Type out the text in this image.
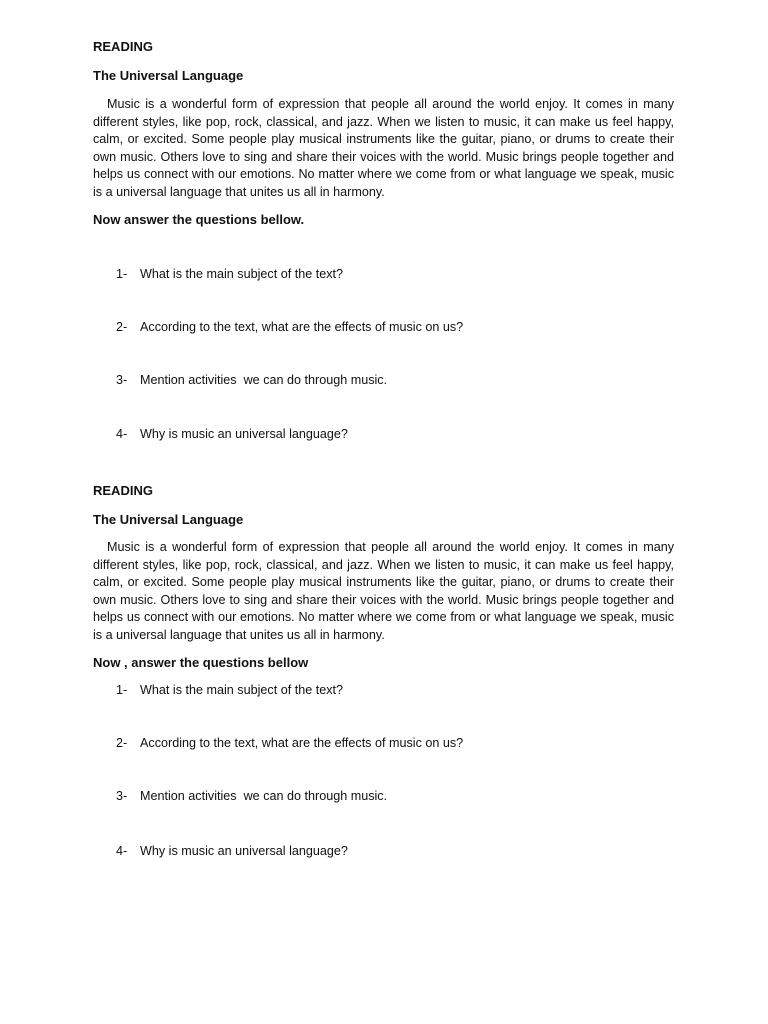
READING
The Universal Language
Music is a wonderful form of expression that people all around the world enjoy. It comes in many different styles, like pop, rock, classical, and jazz. When we listen to music, it can make us feel happy, calm, or excited. Some people play musical instruments like the guitar, piano, or drums to create their own music. Others love to sing and share their voices with the world. Music brings people together and helps us connect with our emotions. No matter where we come from or what language we speak, music is a universal language that unites us all in harmony.
Now answer the questions bellow.
1- What is the main subject of the text?
2- According to the text, what are the effects of music on us?
3- Mention activities  we can do through music.
4- Why is music an universal language?
READING
The Universal Language
Music is a wonderful form of expression that people all around the world enjoy. It comes in many different styles, like pop, rock, classical, and jazz. When we listen to music, it can make us feel happy, calm, or excited. Some people play musical instruments like the guitar, piano, or drums to create their own music. Others love to sing and share their voices with the world. Music brings people together and helps us connect with our emotions. No matter where we come from or what language we speak, music is a universal language that unites us all in harmony.
Now , answer the questions bellow
1- What is the main subject of the text?
2- According to the text, what are the effects of music on us?
3- Mention activities  we can do through music.
4- Why is music an universal language?
